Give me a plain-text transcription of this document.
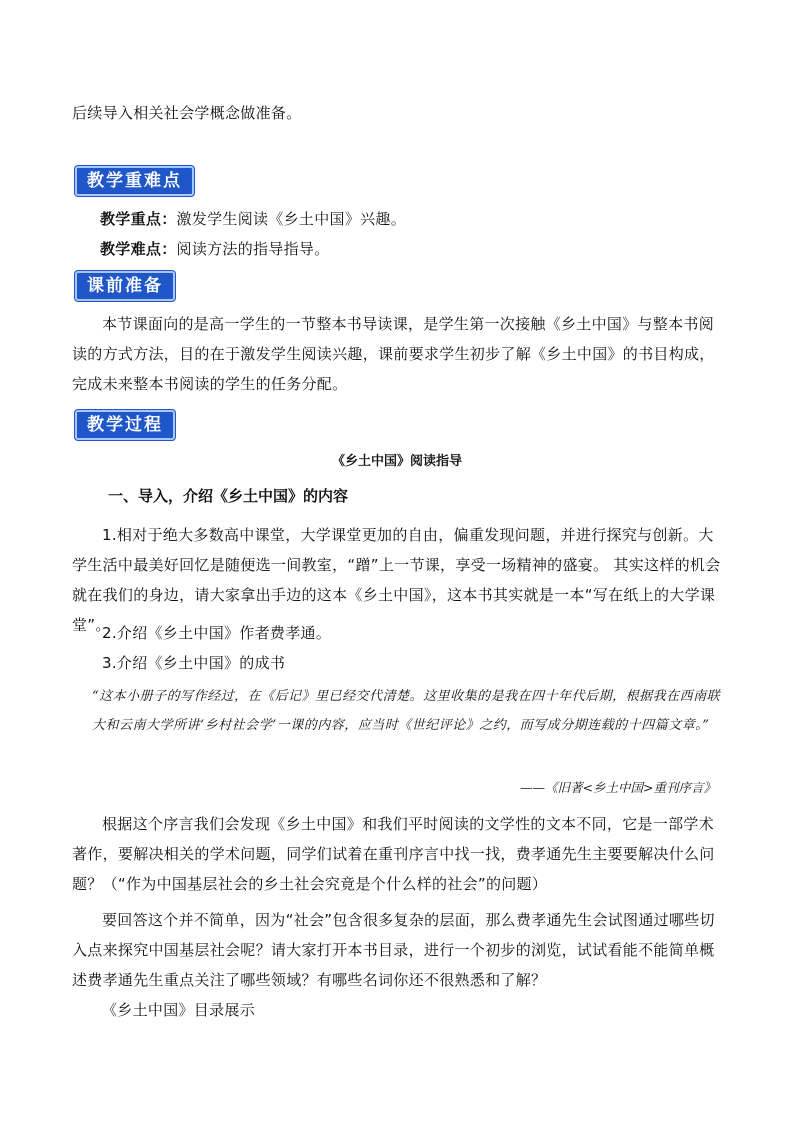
后续导入相关社会学概念做准备。

教学重难点

教学重点：激发学生阅读《乡土中国》兴趣。

教学难点：阅读方法的指导指导。

课前准备

本节课面向的是高一学生的一节整本书导读课，是学生第一次接触《乡土中国》与整本书阅读的方式方法，目的在于激发学生阅读兴趣，课前要求学生初步了解《乡土中国》的书目构成，完成未来整本书阅读的学生的任务分配。

教学过程
《乡土中国》阅读指导
一、导入，介绍《乡土中国》的内容

1.相对于绝大多数高中课堂，大学课堂更加的自由，偏重发现问题，并进行探究与创新。大学生活中最美好回忆是随便选一间教室，“蹭”上一节课，享受一场精神的盛宴。 其实这样的机会就在我们的身边，请大家拿出手边的这本《乡土中国》，这本书其实就是一本“写在纸上的大学课堂”。

2.介绍《乡土中国》作者费孝通。

3.介绍《乡土中国》的成书

“这本小册子的写作经过，在《后记》里已经交代清楚。这里收集的是我在四十年代后期，根据我在西南联大和云南大学所讲‘乡村社会学’一课的内容，应当时《世纪评论》之约，而写成分期连载的十四篇文章。”

——《旧著<乡土中国>重刊序言》

根据这个序言我们会发现《乡土中国》和我们平时阅读的文学性的文本不同，它是一部学术著作，要解决相关的学术问题，同学们试着在重刊序言中找一找，费孝通先生主要要解决什么问题？（“作为中国基层社会的乡土社会究竟是个什么样的社会”的问题）

要回答这个并不简单，因为“社会”包含很多复杂的层面，那么费孝通先生会试图通过哪些切入点来探究中国基层社会呢？请大家打开本书目录，进行一个初步的浏览，试试看能不能简单概述费孝通先生重点关注了哪些领域？有哪些名词你还不很熟悉和了解？

《乡土中国》目录展示
